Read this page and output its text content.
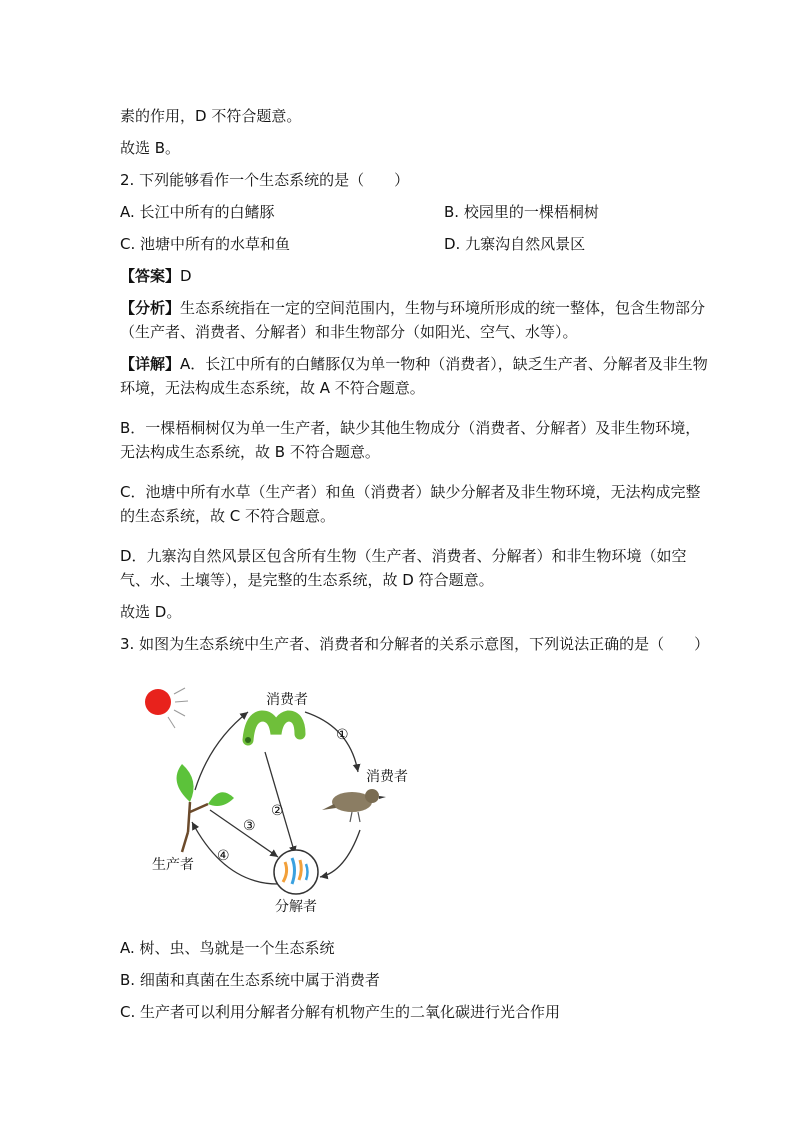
素的作用，D 不符合题意。
故选 B。
2. 下列能够看作一个生态系统的是（　　）
A. 长江中所有的白鳍豚	B. 校园里的一棵梧桐树
C. 池塘中所有的水草和鱼	D. 九寨沟自然风景区
【答案】D
【分析】生态系统指在一定的空间范围内，生物与环境所形成的统一整体，包含生物部分
（生产者、消费者、分解者）和非生物部分（如阳光、空气、水等）。
【详解】A．长江中所有的白鳍豚仅为单一物种（消费者），缺乏生产者、分解者及非生物
环境，无法构成生态系统，故 A 不符合题意。
B．一棵梧桐树仅为单一生产者，缺少其他生物成分（消费者、分解者）及非生物环境，
无法构成生态系统，故 B 不符合题意。
C．池塘中所有水草（生产者）和鱼（消费者）缺少分解者及非生物环境，无法构成完整
的生态系统，故 C 不符合题意。
D．九寨沟自然风景区包含所有生物（生产者、消费者、分解者）和非生物环境（如空
气、水、土壤等），是完整的生态系统，故 D 符合题意。
故选 D。
3. 如图为生态系统中生产者、消费者和分解者的关系示意图，下列说法正确的是（　　）
消费者
消费者
生产者
分解者
①
②
③
④
A. 树、虫、鸟就是一个生态系统
B. 细菌和真菌在生态系统中属于消费者
C. 生产者可以利用分解者分解有机物产生的二氧化碳进行光合作用
